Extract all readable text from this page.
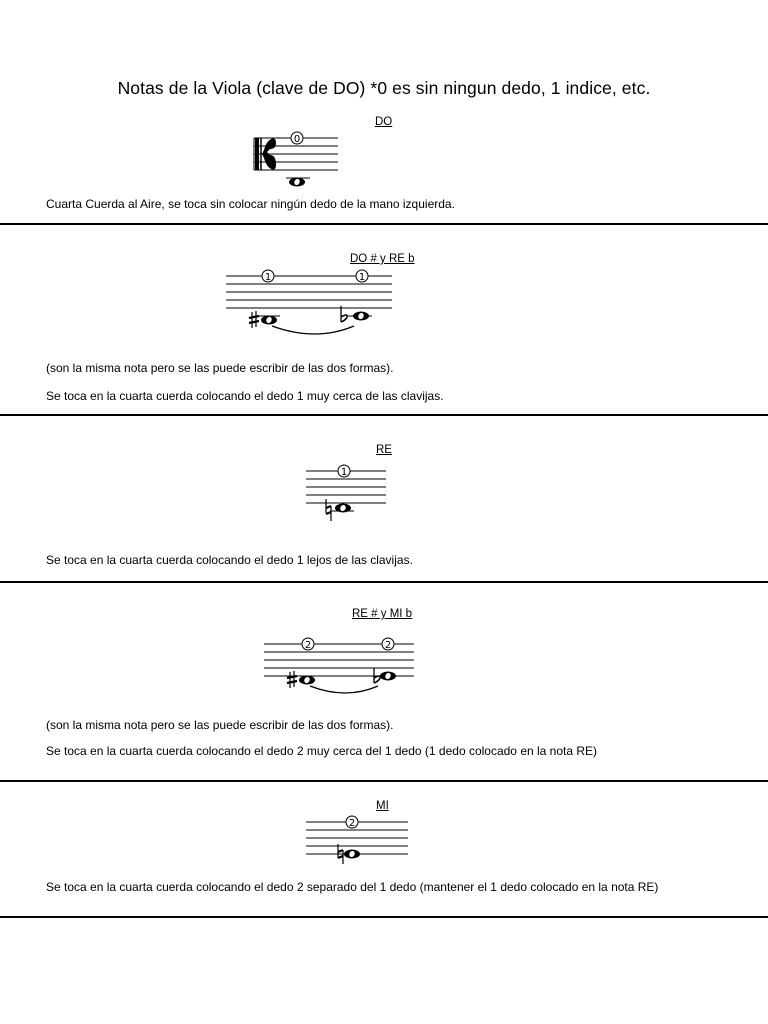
Notas de la Viola (clave de DO) *0 es sin ningun dedo, 1 indice, etc.
DO
0
Cuarta Cuerda al Aire, se toca sin colocar ningún dedo de la mano izquierda.
DO # y RE b
1	1
(son la misma nota pero se las puede escribir de las dos formas).
Se toca en la cuarta cuerda colocando el dedo 1 muy cerca de las clavijas.
RE
1
Se toca en la cuarta cuerda colocando el dedo 1 lejos de las clavijas.
RE # y MI b
2	2
(son la misma nota pero se las puede escribir de las dos formas).
Se toca en la cuarta cuerda colocando el dedo 2 muy cerca del 1 dedo (1 dedo colocado en la nota RE)
MI
2
Se toca en la cuarta cuerda colocando el dedo 2 separado del 1 dedo (mantener el 1 dedo colocado en la nota RE)
